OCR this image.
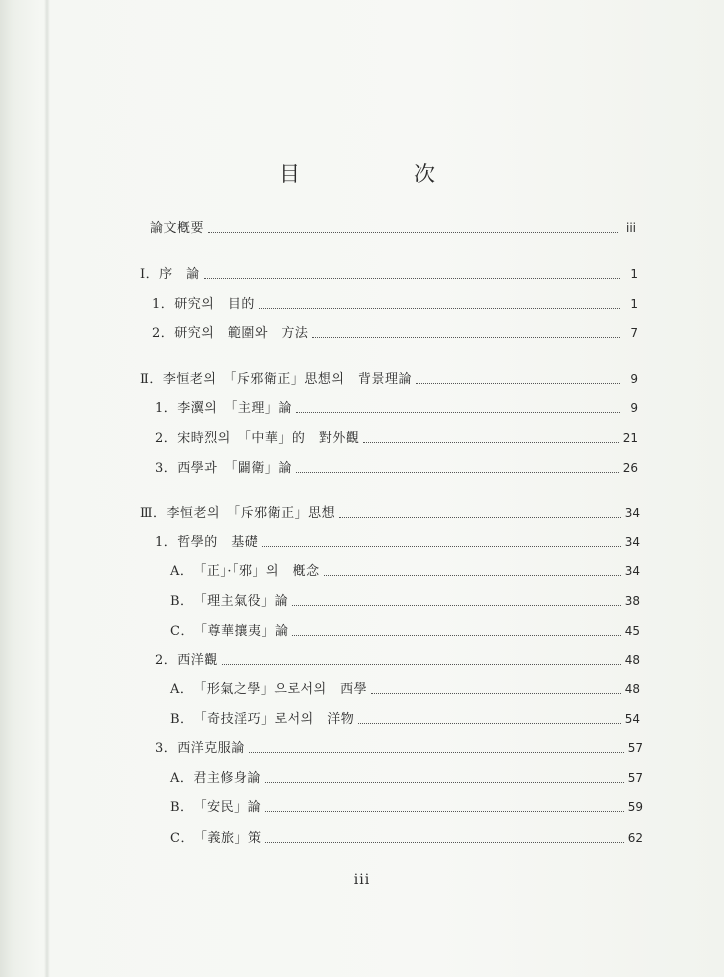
目	次
論文槪要	iii
Ⅰ． 序　論	1
1． 研究의　目的	1
2． 研究의　範圍와　方法	7
Ⅱ． 李恒老의　「斥邪衛正」思想의　背景理論	9
1． 李瀷의　「主理」論	9
2． 宋時烈의　「中華」的　對外觀	21
3． 西學과　「闢衛」論	26
Ⅲ． 李恒老의　「斥邪衛正」思想	34
1． 哲學的　基礎	34
A． 「正」·「邪」의　槪念	34
B． 「理主氣役」論	38
C． 「尊華攘夷」論	45
2． 西洋觀	48
A． 「形氣之學」으로서의　西學	48
B． 「奇技淫巧」로서의　洋物	54
3． 西洋克服論	57
A． 君主修身論	57
B． 「安民」論	59
C． 「義旅」策	62
iii
